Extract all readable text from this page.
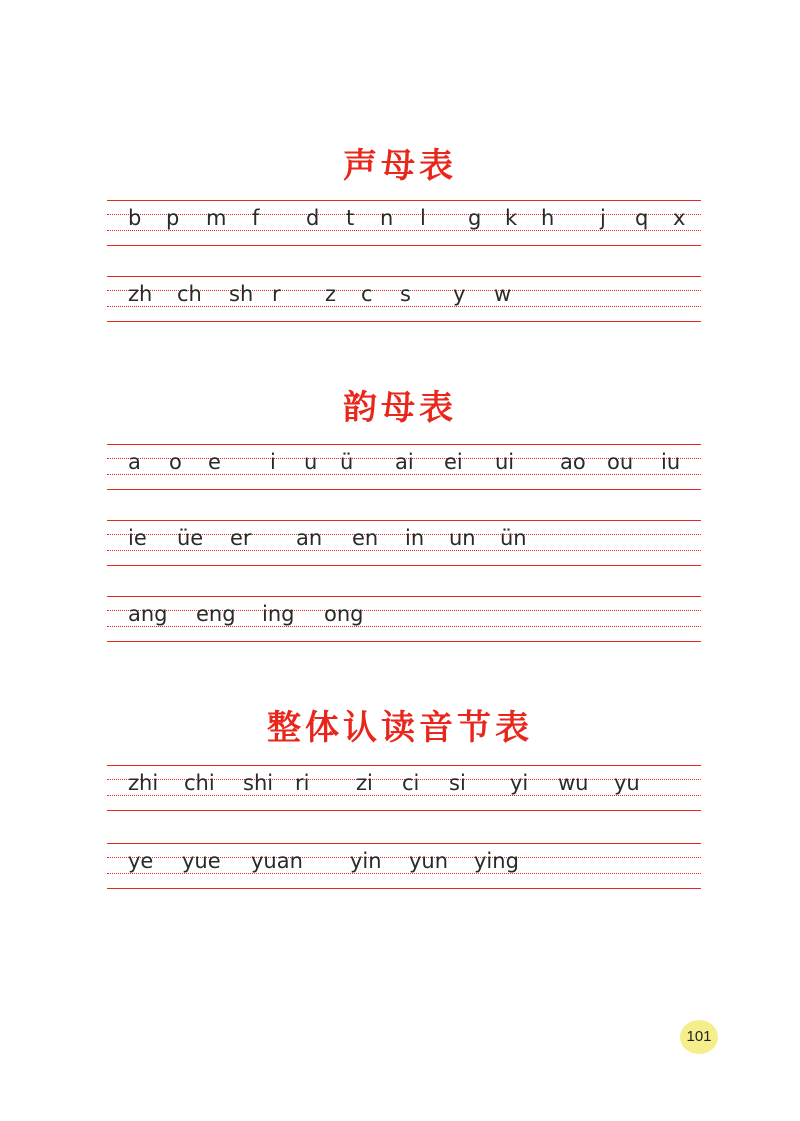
声母表
韵母表
整体认读音节表
b p m f d t n l g k h j q x
zh ch sh r z c s y w
a o e i u ü ai ei ui ao ou iu
ie üe er an en in un ün
ang eng ing ong
zhi chi shi ri zi ci si yi wu yu
ye yue yuan yin yun ying
101
